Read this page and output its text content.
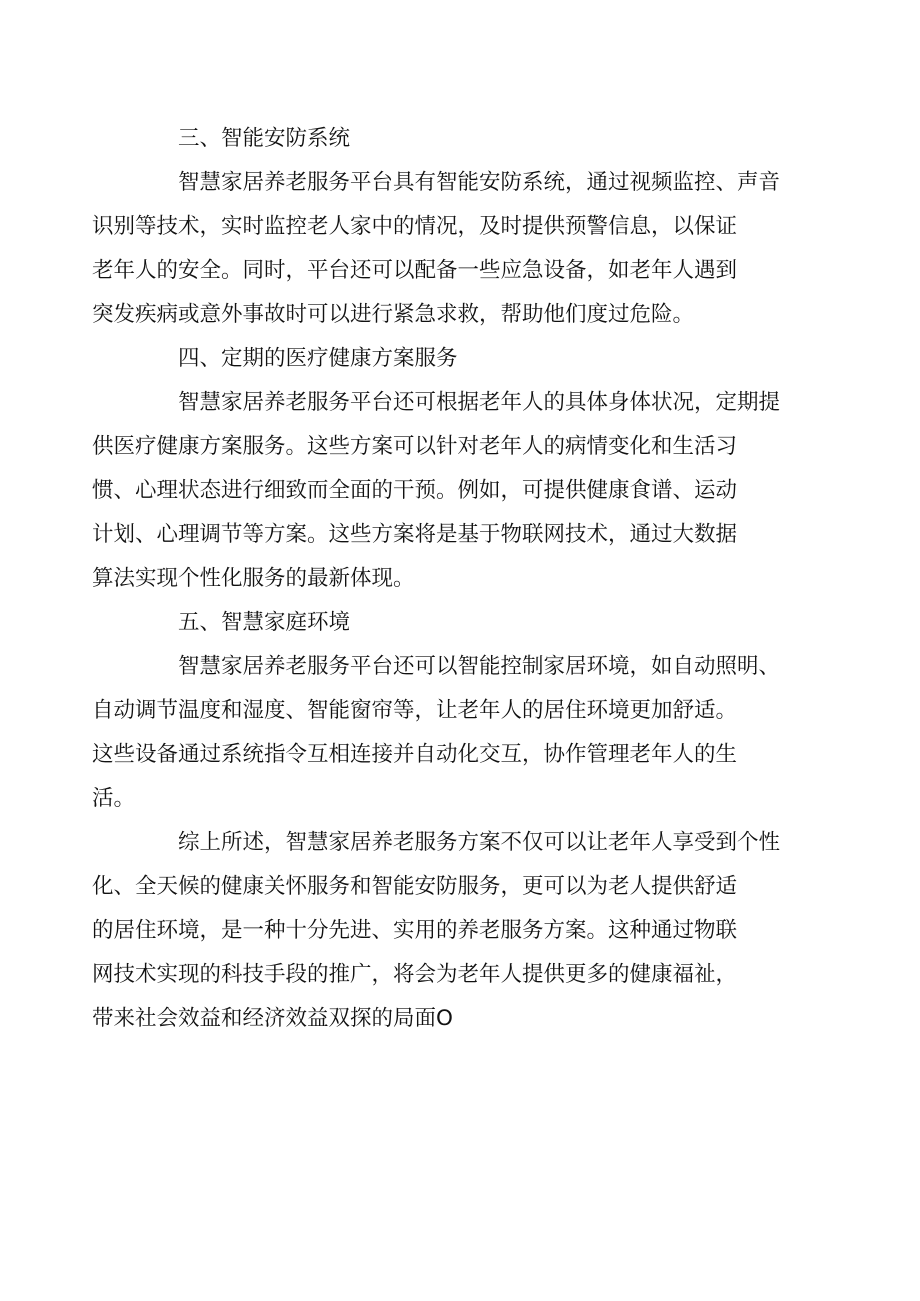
三、智能安防系统

智慧家居养老服务平台具有智能安防系统，通过视频监控、声音
识别等技术，实时监控老人家中的情况，及时提供预警信息，以保证
老年人的安全。同时，平台还可以配备一些应急设备，如老年人遇到
突发疾病或意外事故时可以进行紧急求救，帮助他们度过危险。

四、定期的医疗健康方案服务

智慧家居养老服务平台还可根据老年人的具体身体状况，定期提
供医疗健康方案服务。这些方案可以针对老年人的病情变化和生活习
惯、心理状态进行细致而全面的干预。例如，可提供健康食谱、运动
计划、心理调节等方案。这些方案将是基于物联网技术，通过大数据
算法实现个性化服务的最新体现。

五、智慧家庭环境

智慧家居养老服务平台还可以智能控制家居环境，如自动照明、
自动调节温度和湿度、智能窗帘等，让老年人的居住环境更加舒适。
这些设备通过系统指令互相连接并自动化交互，协作管理老年人的生
活。

综上所述，智慧家居养老服务方案不仅可以让老年人享受到个性
化、全天候的健康关怀服务和智能安防服务，更可以为老人提供舒适
的居住环境，是一种十分先进、实用的养老服务方案。这种通过物联
网技术实现的科技手段的推广，将会为老年人提供更多的健康福祉，
带来社会效益和经济效益双探的局面O
